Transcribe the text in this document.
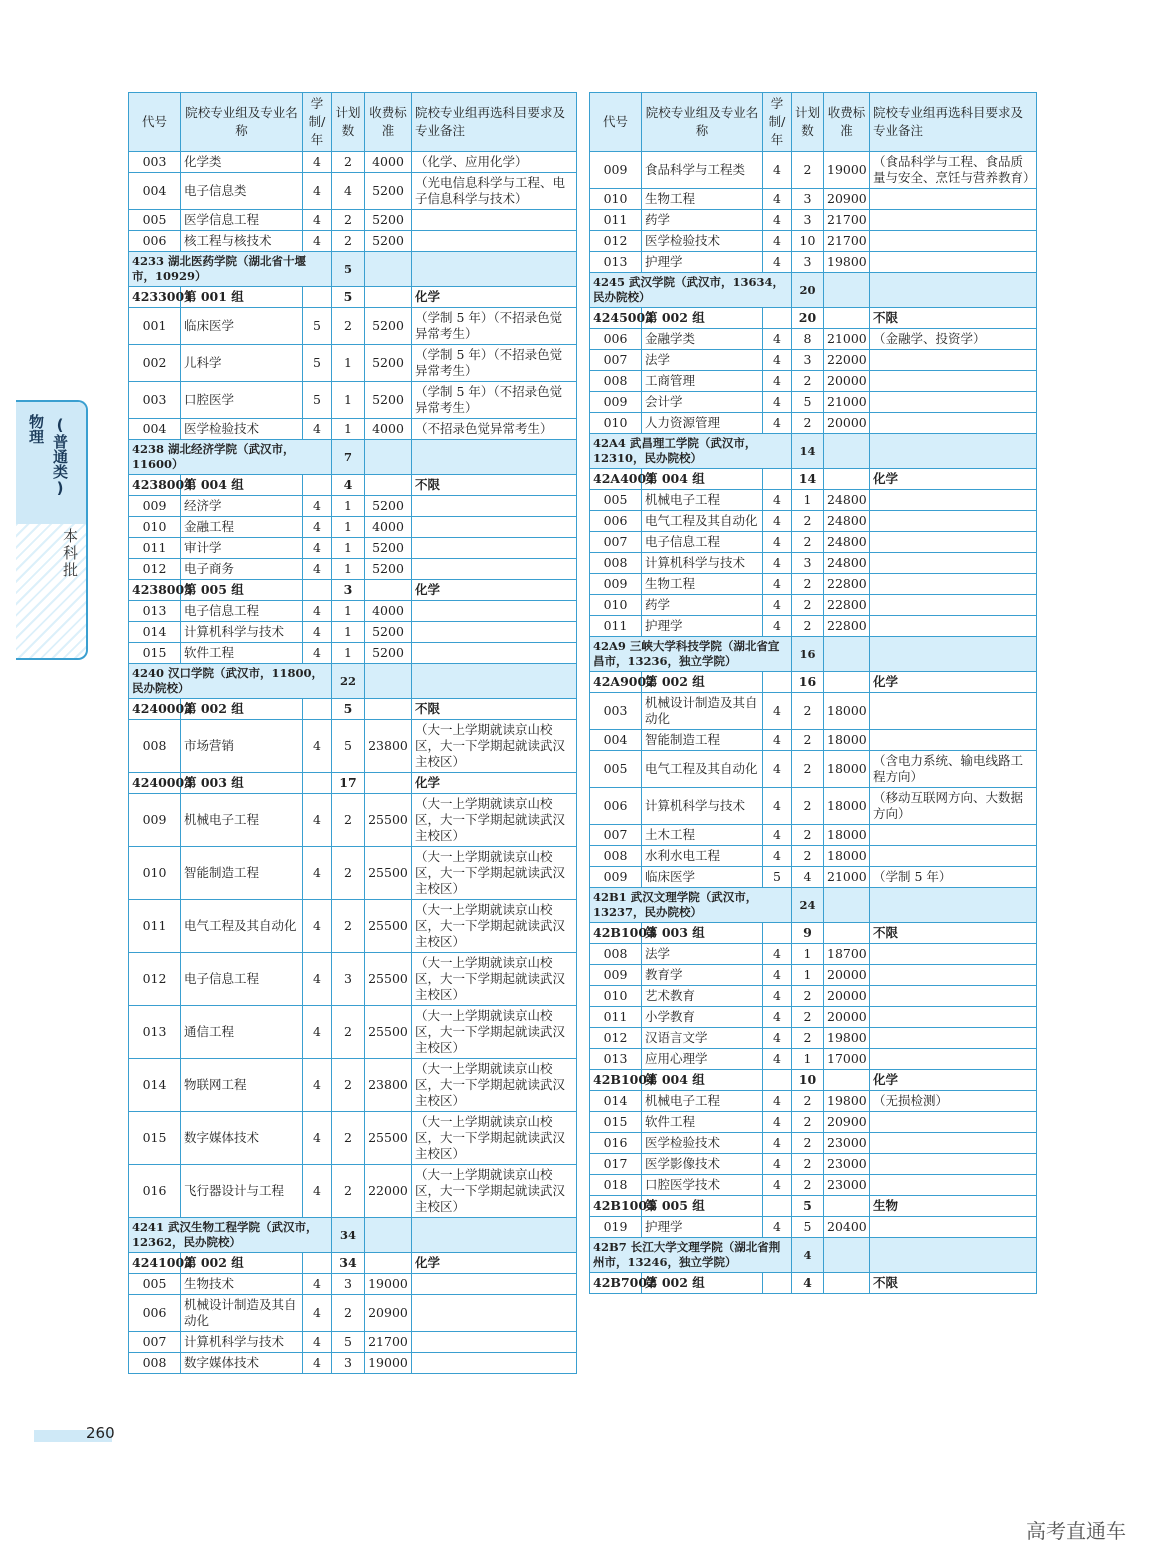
代号	院校专业组及专业名称	学制/年	计划数	收费标准	院校专业组再选科目要求及专业备注
003	化学类	4	2	4000	（化学、应用化学）
004	电子信息类	4	4	5200	（光电信息科学与工程、电子信息科学与技术）
005	医学信息工程	4	2	5200	
006	核工程与核技术	4	2	5200	
4233 湖北医药学院（湖北省十堰市，10929）			5		
4233001	第 001 组		5		化学
001	临床医学	5	2	5200	（学制 5 年）（不招录色觉异常考生）
002	儿科学	5	1	5200	（学制 5 年）（不招录色觉异常考生）
003	口腔医学	5	1	5200	（学制 5 年）（不招录色觉异常考生）
004	医学检验技术	4	1	4000	（不招录色觉异常考生）
4238 湖北经济学院（武汉市，11600）			7		
4238004	第 004 组		4		不限
009	经济学	4	1	5200	
010	金融工程	4	1	4000	
011	审计学	4	1	5200	
012	电子商务	4	1	5200	
4238005	第 005 组		3		化学
013	电子信息工程	4	1	4000	
014	计算机科学与技术	4	1	5200	
015	软件工程	4	1	5200	
4240 汉口学院（武汉市，11800，民办院校）			22		
4240002	第 002 组		5		不限
008	市场营销	4	5	23800	（大一上学期就读京山校区，大一下学期起就读武汉主校区）
4240003	第 003 组		17		化学
009	机械电子工程	4	2	25500	（大一上学期就读京山校区，大一下学期起就读武汉主校区）
010	智能制造工程	4	2	25500	（大一上学期就读京山校区，大一下学期起就读武汉主校区）
011	电气工程及其自动化	4	2	25500	（大一上学期就读京山校区，大一下学期起就读武汉主校区）
012	电子信息工程	4	3	25500	（大一上学期就读京山校区，大一下学期起就读武汉主校区）
013	通信工程	4	2	25500	（大一上学期就读京山校区，大一下学期起就读武汉主校区）
014	物联网工程	4	2	23800	（大一上学期就读京山校区，大一下学期起就读武汉主校区）
015	数字媒体技术	4	2	25500	（大一上学期就读京山校区，大一下学期起就读武汉主校区）
016	飞行器设计与工程	4	2	22000	（大一上学期就读京山校区，大一下学期起就读武汉主校区）
4241 武汉生物工程学院（武汉市，12362，民办院校）			34		
4241002	第 002 组		34		化学
005	生物技术	4	3	19000	
006	机械设计制造及其自动化	4	2	20900	
007	计算机科学与技术	4	5	21700	
008	数字媒体技术	4	3	19000	
代号	院校专业组及专业名称	学制/年	计划数	收费标准	院校专业组再选科目要求及专业备注
009	食品科学与工程类	4	2	19000	（食品科学与工程、食品质量与安全、烹饪与营养教育）
010	生物工程	4	3	20900	
011	药学	4	3	21700	
012	医学检验技术	4	10	21700	
013	护理学	4	3	19800	
4245 武汉学院（武汉市，13634，民办院校）			20		
4245002	第 002 组		20		不限
006	金融学类	4	8	21000	（金融学、投资学）
007	法学	4	3	22000	
008	工商管理	4	2	20000	
009	会计学	4	5	21000	
010	人力资源管理	4	2	20000	
42A4 武昌理工学院（武汉市，12310，民办院校）			14		
42A4004	第 004 组		14		化学
005	机械电子工程	4	1	24800	
006	电气工程及其自动化	4	2	24800	
007	电子信息工程	4	2	24800	
008	计算机科学与技术	4	3	24800	
009	生物工程	4	2	22800	
010	药学	4	2	22800	
011	护理学	4	2	22800	
42A9 三峡大学科技学院（湖北省宜昌市，13236，独立学院）			16		
42A9002	第 002 组		16		化学
003	机械设计制造及其自动化	4	2	18000	
004	智能制造工程	4	2	18000	
005	电气工程及其自动化	4	2	18000	（含电力系统、输电线路工程方向）
006	计算机科学与技术	4	2	18000	（移动互联网方向、大数据方向）
007	土木工程	4	2	18000	
008	水利水电工程	4	2	18000	
009	临床医学	5	4	21000	（学制 5 年）
42B1 武汉文理学院（武汉市，13237，民办院校）			24		
42B1003	第 003 组		9		不限
008	法学	4	1	18700	
009	教育学	4	1	20000	
010	艺术教育	4	2	20000	
011	小学教育	4	2	20000	
012	汉语言文学	4	2	19800	
013	应用心理学	4	1	17000	
42B1004	第 004 组		10		化学
014	机械电子工程	4	2	19800	（无损检测）
015	软件工程	4	2	20900	
016	医学检验技术	4	2	23000	
017	医学影像技术	4	2	23000	
018	口腔医学技术	4	2	23000	
42B1005	第 005 组		5		生物
019	护理学	4	5	20400	
42B7 长江大学文理学院（湖北省荆州市，13246，独立学院）			4		
42B7002	第 002 组		4		不限
物理 (普通类)
本科批
260
高考直通车
